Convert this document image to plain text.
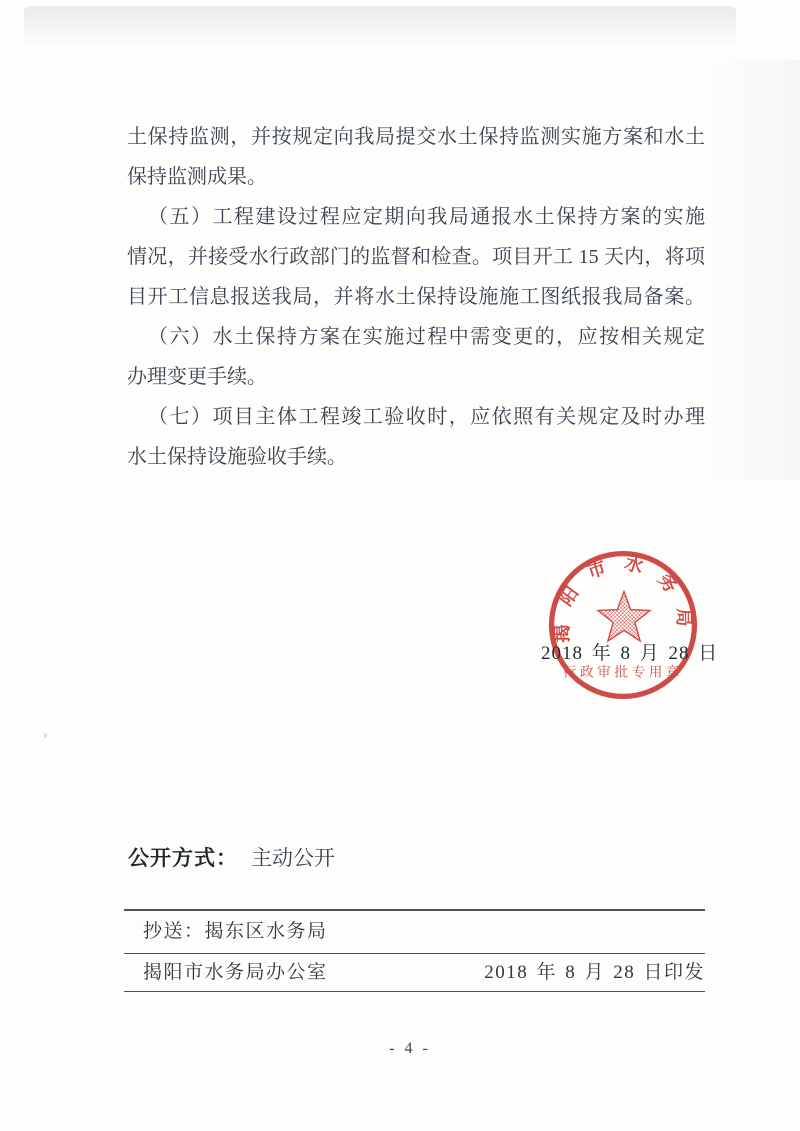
土保持监测，并按规定向我局提交水土保持监测实施方案和水土
保持监测成果。
（五）工程建设过程应定期向我局通报水土保持方案的实施
情况，并接受水行政部门的监督和检查。项目开工 15 天内，将项
目开工信息报送我局，并将水土保持设施施工图纸报我局备案。
（六）水土保持方案在实施过程中需变更的，应按相关规定
办理变更手续。
（七）项目主体工程竣工验收时，应依照有关规定及时办理
水土保持设施验收手续。
揭阳市水务局
行政审批专用章
2018 年 8 月 28 日
公开方式： 主动公开
抄送：揭东区水务局
揭阳市水务局办公室	2018 年 8 月 28 日印发
- 4 -
